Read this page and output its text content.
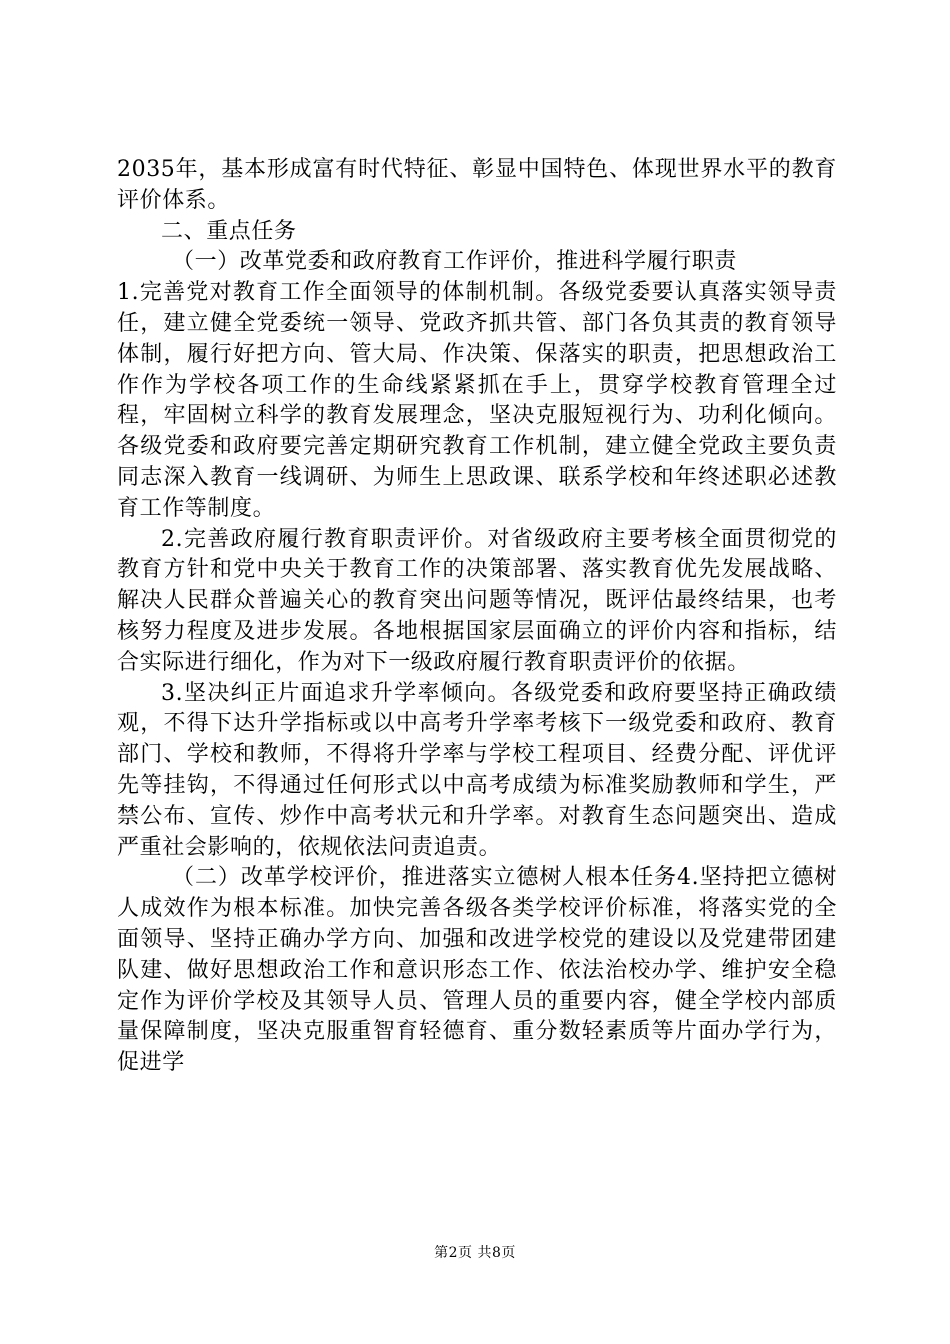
2035年，基本形成富有时代特征、彰显中国特色、体现世界水平的教育评价体系。

二、重点任务

（一）改革党委和政府教育工作评价，推进科学履行职责

1.完善党对教育工作全面领导的体制机制。各级党委要认真落实领导责任，建立健全党委统一领导、党政齐抓共管、部门各负其责的教育领导体制，履行好把方向、管大局、作决策、保落实的职责，把思想政治工作作为学校各项工作的生命线紧紧抓在手上，贯穿学校教育管理全过程，牢固树立科学的教育发展理念，坚决克服短视行为、功利化倾向。各级党委和政府要完善定期研究教育工作机制，建立健全党政主要负责同志深入教育一线调研、为师生上思政课、联系学校和年终述职必述教育工作等制度。

2.完善政府履行教育职责评价。对省级政府主要考核全面贯彻党的教育方针和党中央关于教育工作的决策部署、落实教育优先发展战略、解决人民群众普遍关心的教育突出问题等情况，既评估最终结果，也考核努力程度及进步发展。各地根据国家层面确立的评价内容和指标，结合实际进行细化，作为对下一级政府履行教育职责评价的依据。

3.坚决纠正片面追求升学率倾向。各级党委和政府要坚持正确政绩观，不得下达升学指标或以中高考升学率考核下一级党委和政府、教育部门、学校和教师，不得将升学率与学校工程项目、经费分配、评优评先等挂钩，不得通过任何形式以中高考成绩为标准奖励教师和学生，严禁公布、宣传、炒作中高考状元和升学率。对教育生态问题突出、造成严重社会影响的，依规依法问责追责。

（二）改革学校评价，推进落实立德树人根本任务4.坚持把立德树人成效作为根本标准。加快完善各级各类学校评价标准，将落实党的全面领导、坚持正确办学方向、加强和改进学校党的建设以及党建带团建队建、做好思想政治工作和意识形态工作、依法治校办学、维护安全稳定作为评价学校及其领导人员、管理人员的重要内容，健全学校内部质量保障制度，坚决克服重智育轻德育、重分数轻素质等片面办学行为，促进学

第2页 共8页
